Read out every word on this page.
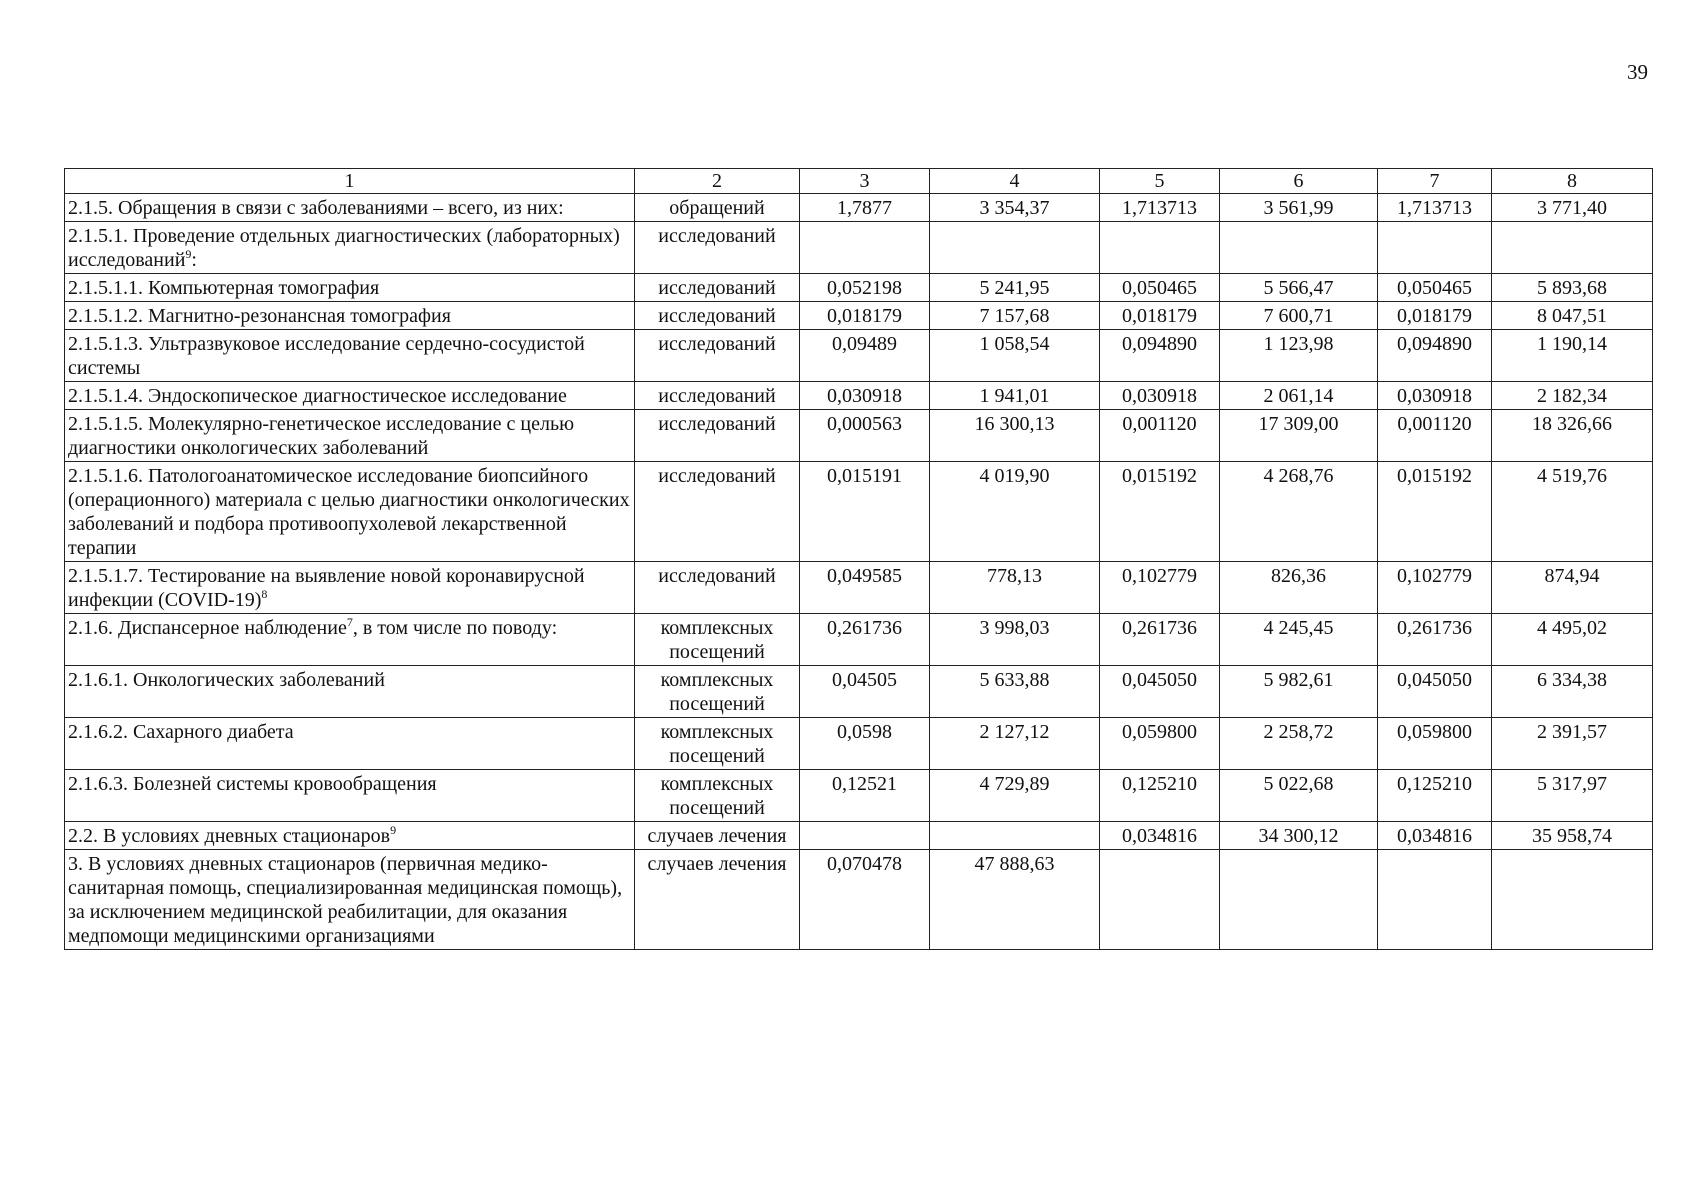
39
1	2	3	4	5	6	7	8
2.1.5. Обращения в связи с заболеваниями – всего, из них:	обращений	1,7877	3 354,37	1,713713	3 561,99	1,713713	3 771,40
2.1.5.1. Проведение отдельных диагностических (лабораторных) исследований$^9$:	исследований						
2.1.5.1.1. Компьютерная томография	исследований	0,052198	5 241,95	0,050465	5 566,47	0,050465	5 893,68
2.1.5.1.2. Магнитно-резонансная томография	исследований	0,018179	7 157,68	0,018179	7 600,71	0,018179	8 047,51
2.1.5.1.3. Ультразвуковое исследование сердечно-сосудистой системы	исследований	0,09489	1 058,54	0,094890	1 123,98	0,094890	1 190,14
2.1.5.1.4. Эндоскопическое диагностическое исследование	исследований	0,030918	1 941,01	0,030918	2 061,14	0,030918	2 182,34
2.1.5.1.5. Молекулярно-генетическое исследование с целью диагностики онкологических заболеваний	исследований	0,000563	16 300,13	0,001120	17 309,00	0,001120	18 326,66
2.1.5.1.6. Патологоанатомическое исследование биопсийного (операционного) материала с целью диагностики онкологических заболеваний и подбора противоопухолевой лекарственной терапии	исследований	0,015191	4 019,90	0,015192	4 268,76	0,015192	4 519,76
2.1.5.1.7. Тестирование на выявление новой коронавирусной инфекции (COVID-19)$^8$	исследований	0,049585	778,13	0,102779	826,36	0,102779	874,94
2.1.6. Диспансерное наблюдение$^7$, в том числе по поводу:	комплексных посещений	0,261736	3 998,03	0,261736	4 245,45	0,261736	4 495,02
2.1.6.1. Онкологических заболеваний	комплексных посещений	0,04505	5 633,88	0,045050	5 982,61	0,045050	6 334,38
2.1.6.2. Сахарного диабета	комплексных посещений	0,0598	2 127,12	0,059800	2 258,72	0,059800	2 391,57
2.1.6.3. Болезней системы кровообращения	комплексных посещений	0,12521	4 729,89	0,125210	5 022,68	0,125210	5 317,97
2.2. В условиях дневных стационаров$^9$	случаев лечения			0,034816	34 300,12	0,034816	35 958,74
3. В условиях дневных стационаров (первичная медико-санитарная помощь, специализированная медицинская помощь), за исключением медицинской реабилитации, для оказания медпомощи медицинскими организациями	случаев лечения	0,070478	47 888,63				
